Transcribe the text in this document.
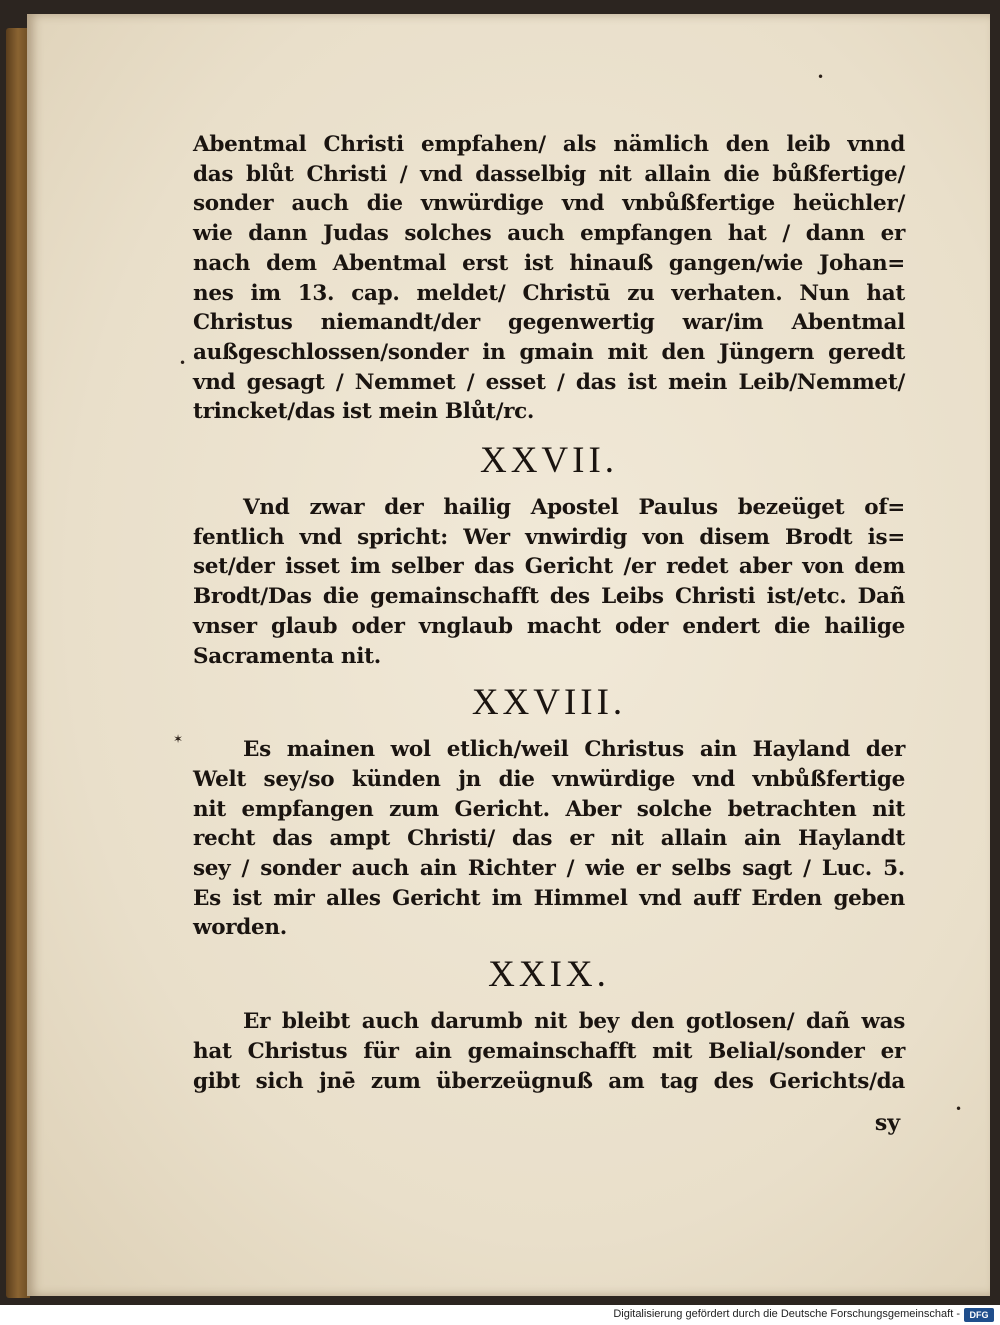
•
•
✶
•
Abentmal Christi empfahen/ als nämlich den leib vnnd
das blůt Christi / vnd dasselbig nit allain die bůßfertige/
sonder auch die vnwürdige vnd vnbůßfertige heüchler/
wie dann Judas solches auch empfangen hat / dann er
nach dem Abentmal erst ist hinauß gangen/wie Johan=
nes im 13. cap. meldet/ Christū zu verhaten. Nun hat
Christus niemandt/der gegenwertig war/im Abentmal
außgeschlossen/sonder in gmain mit den Jüngern geredt
vnd gesagt / Nemmet / esset / das ist mein Leib/Nemmet/
trincket/das ist mein Blůt/rc.
XXVII.
Vnd zwar der hailig Apostel Paulus bezeüget of=
fentlich vnd spricht: Wer vnwirdig von disem Brodt is=
set/der isset im selber das Gericht /er redet aber von dem
Brodt/Das die gemainschafft des Leibs Christi ist/etc. Dañ
vnser glaub oder vnglaub macht oder endert die hailige
Sacramenta nit.
XXVIII.
Es mainen wol etlich/weil Christus ain Hayland der
Welt sey/so künden jn die vnwürdige vnd vnbůßfertige
nit empfangen zum Gericht. Aber solche betrachten nit
recht das ampt Christi/ das er nit allain ain Haylandt
sey / sonder auch ain Richter / wie er selbs sagt / Luc. 5.
Es ist mir alles Gericht im Himmel vnd auff Erden geben
worden.
XXIX.
Er bleibt auch darumb nit bey den gotlosen/ dañ was
hat Christus für ain gemainschafft mit Belial/sonder er
gibt sich jnē zum überzeügnuß am tag des Gerichts/da
sy
Digitalisierung gefördert durch die Deutsche Forschungsgemeinschaft -	DFG
